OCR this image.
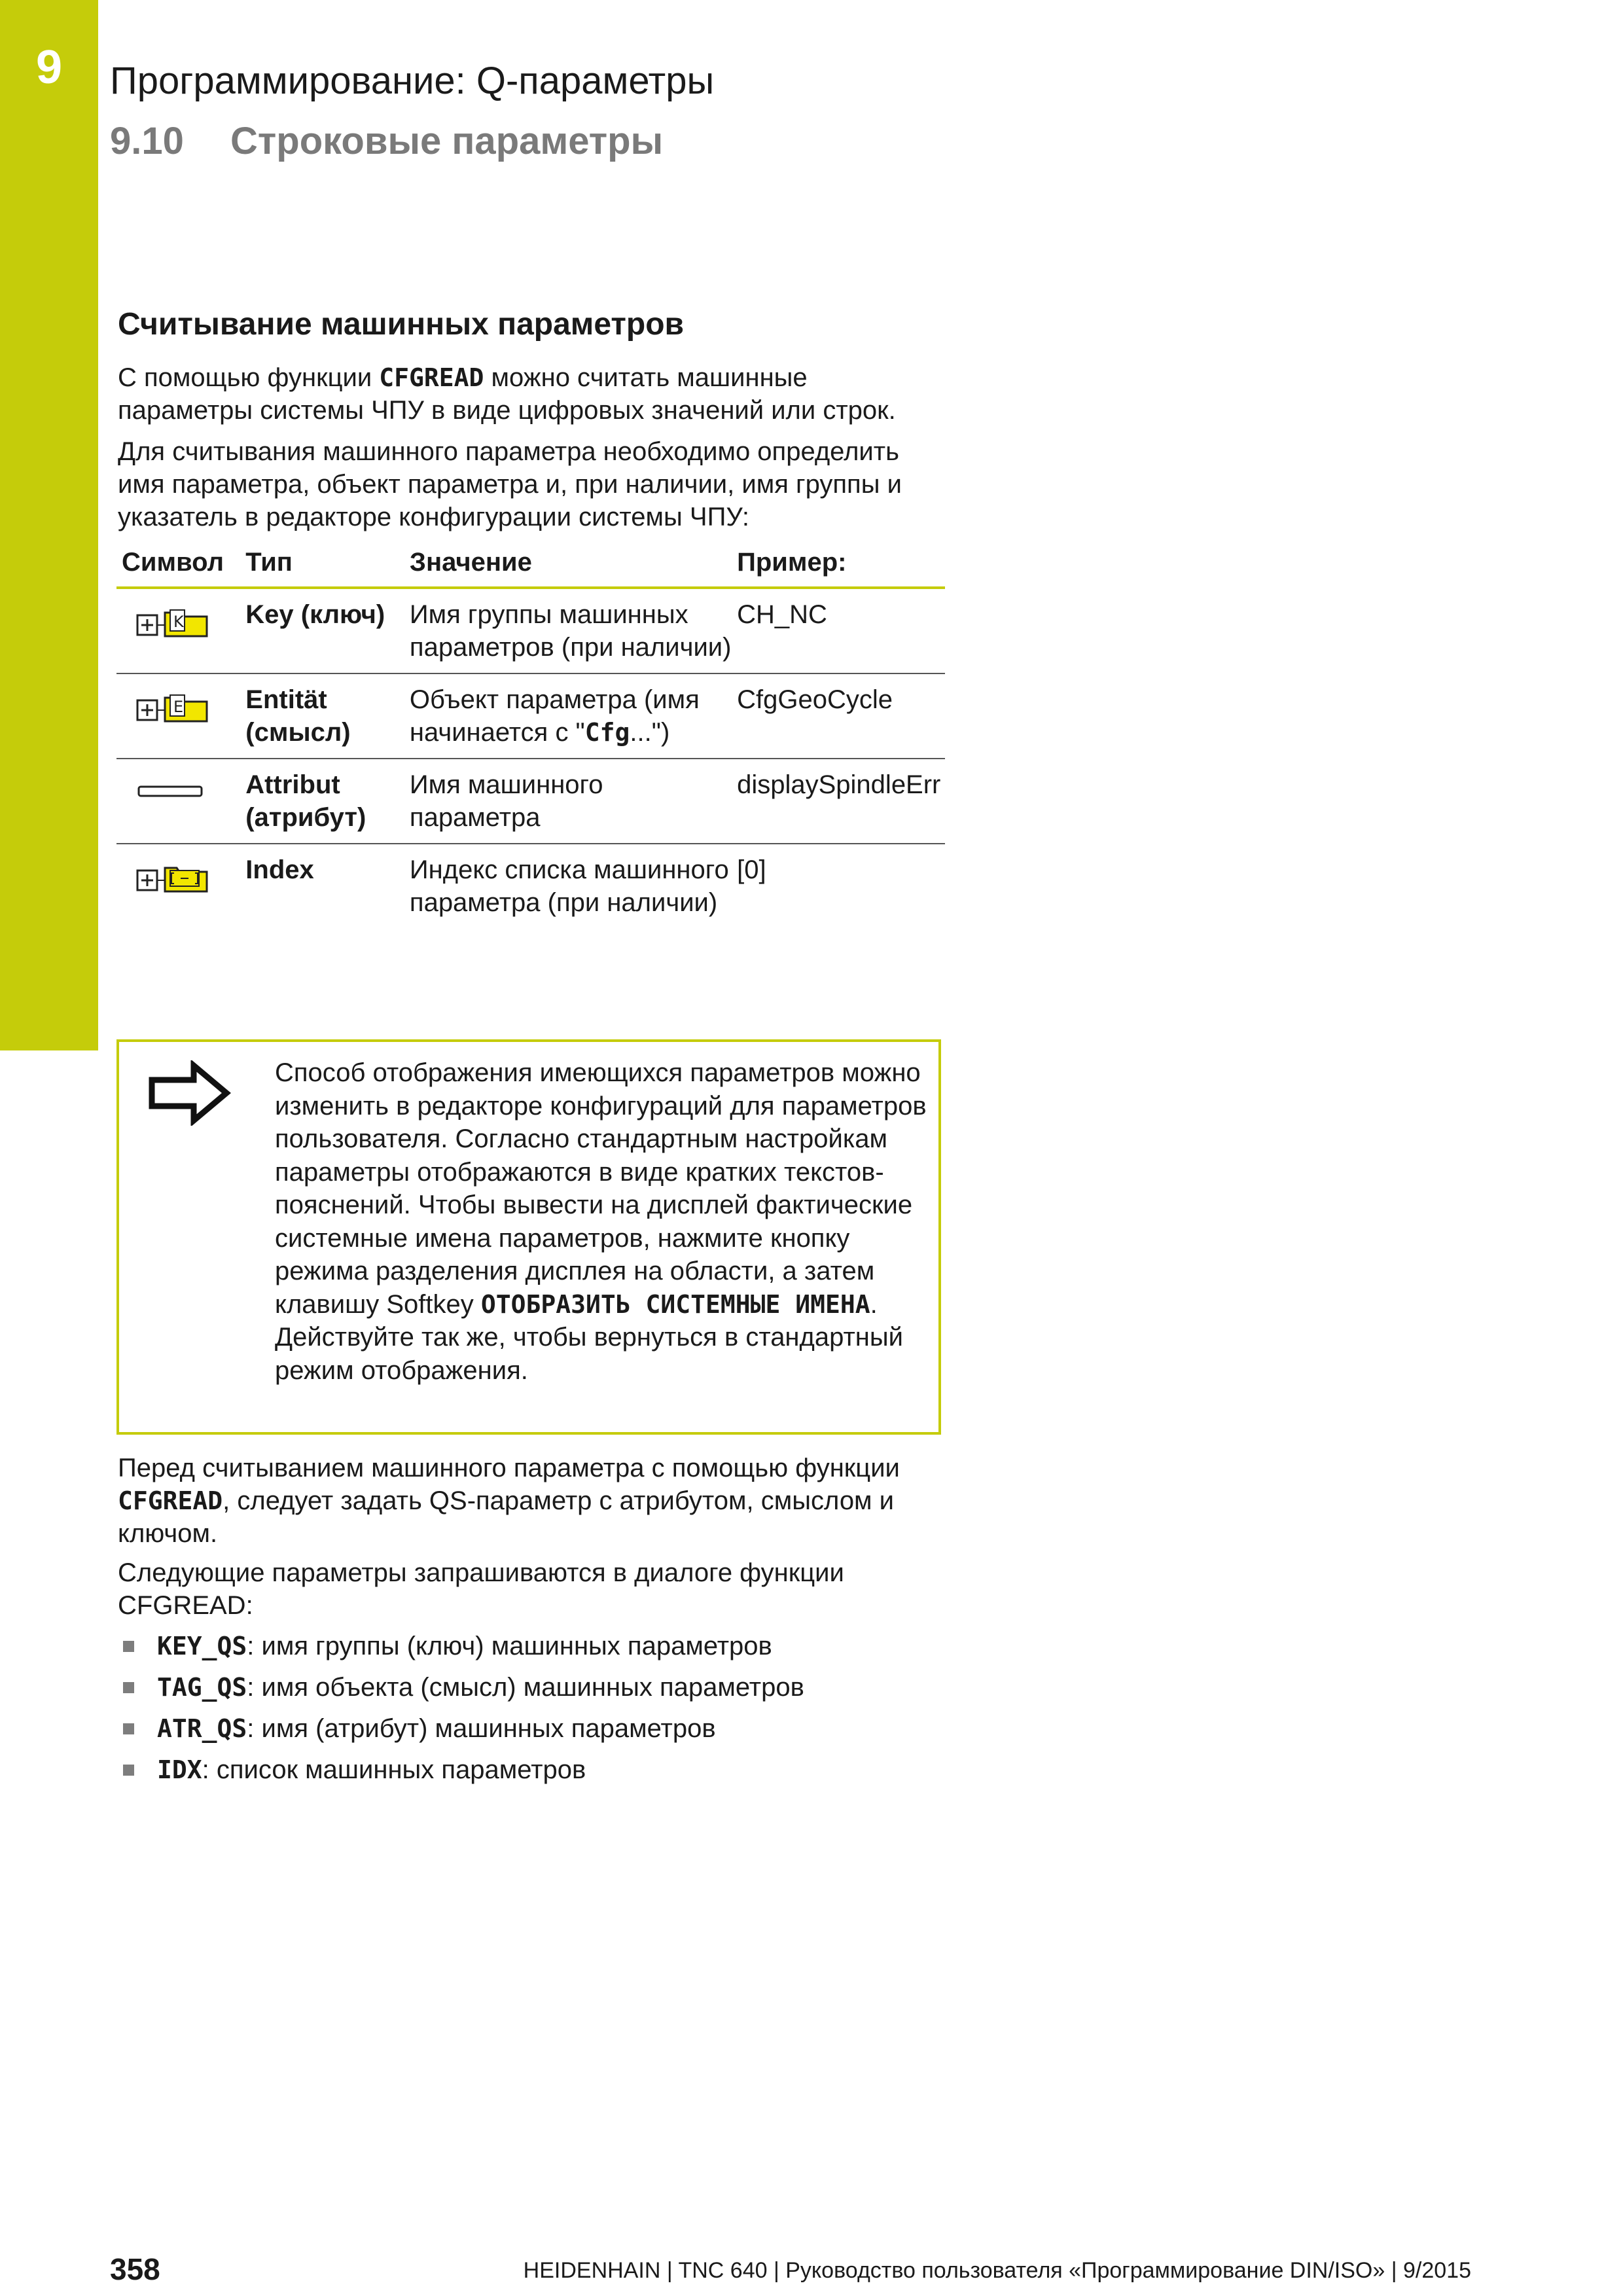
9	Программирование: Q-параметры
9.10 Строковые параметры
Считывание машинных параметров

С помощью функции CFGREAD можно считать машинные параметры системы ЧПУ в виде цифровых значений или строк.

Для считывания машинного параметра необходимо определить имя параметра, объект параметра и, при наличии, имя группы и указатель в редакторе конфигурации системы ЧПУ:

Символ	Тип	Значение	Пример:

K	Key (ключ)	Имя группы машинных параметров (при наличии)	CH_NC

E	Entität (смысл)	Объект параметра (имя начинается с "Cfg...")	CfgGeoCycle

	Attribut (атрибут)	Имя машинного параметра	displaySpindleErr

	Index	Индекс списка машинного параметра (при наличии)	[0]
Способ отображения имеющихся параметров можно изменить в редакторе конфигураций для параметров пользователя. Согласно стандартным настройкам параметры отображаются в виде кратких текстов-пояснений. Чтобы вывести на дисплей фактические системные имена параметров, нажмите кнопку режима разделения дисплея на области, а затем клавишу Softkey ОТОБРАЗИТЬ СИСТЕМНЫЕ ИМЕНА. Действуйте так же, чтобы вернуться в стандартный режим отображения.

Перед считыванием машинного параметра с помощью функции CFGREAD, следует задать QS-параметр с атрибутом, смыслом и ключом.

Следующие параметры запрашиваются в диалоге функции CFGREAD:

KEY_QS: имя группы (ключ) машинных параметров
TAG_QS: имя объекта (смысл) машинных параметров
ATR_QS: имя (атрибут) машинных параметров
IDX: список машинных параметров
358	HEIDENHAIN | TNC 640 | Руководство пользователя «Программирование DIN/ISO» | 9/2015
